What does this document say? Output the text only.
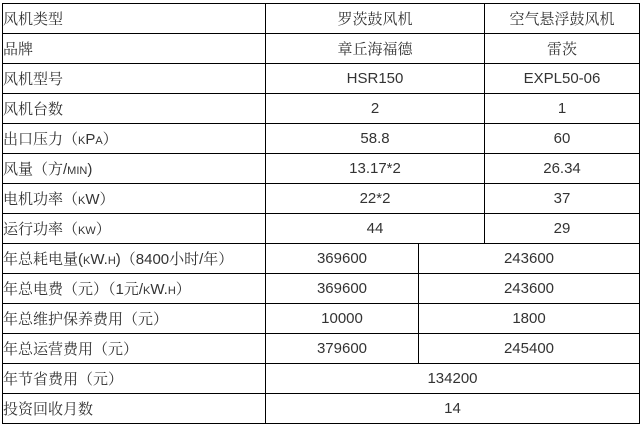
风机类型	罗茨鼓风机		空气悬浮鼓风机
品牌	章丘海福德		雷茨
风机型号	HSR150		EXPL50-06
风机台数	2		1
出口压力（kPa）	58.8		60
风量（方/min)	13.17*2		26.34
电机功率（kW）	22*2		37
运行功率（kw）	44		29
年总耗电量(kW.h)（8400小时/年）	369600	243600	
年总电费（元）（1元/kW.h）	369600	243600	
年总维护保养费用（元）	10000	1800	
年总运营费用（元）	379600	245400	
年节省费用（元）	134200		
投资回收月数	14		
